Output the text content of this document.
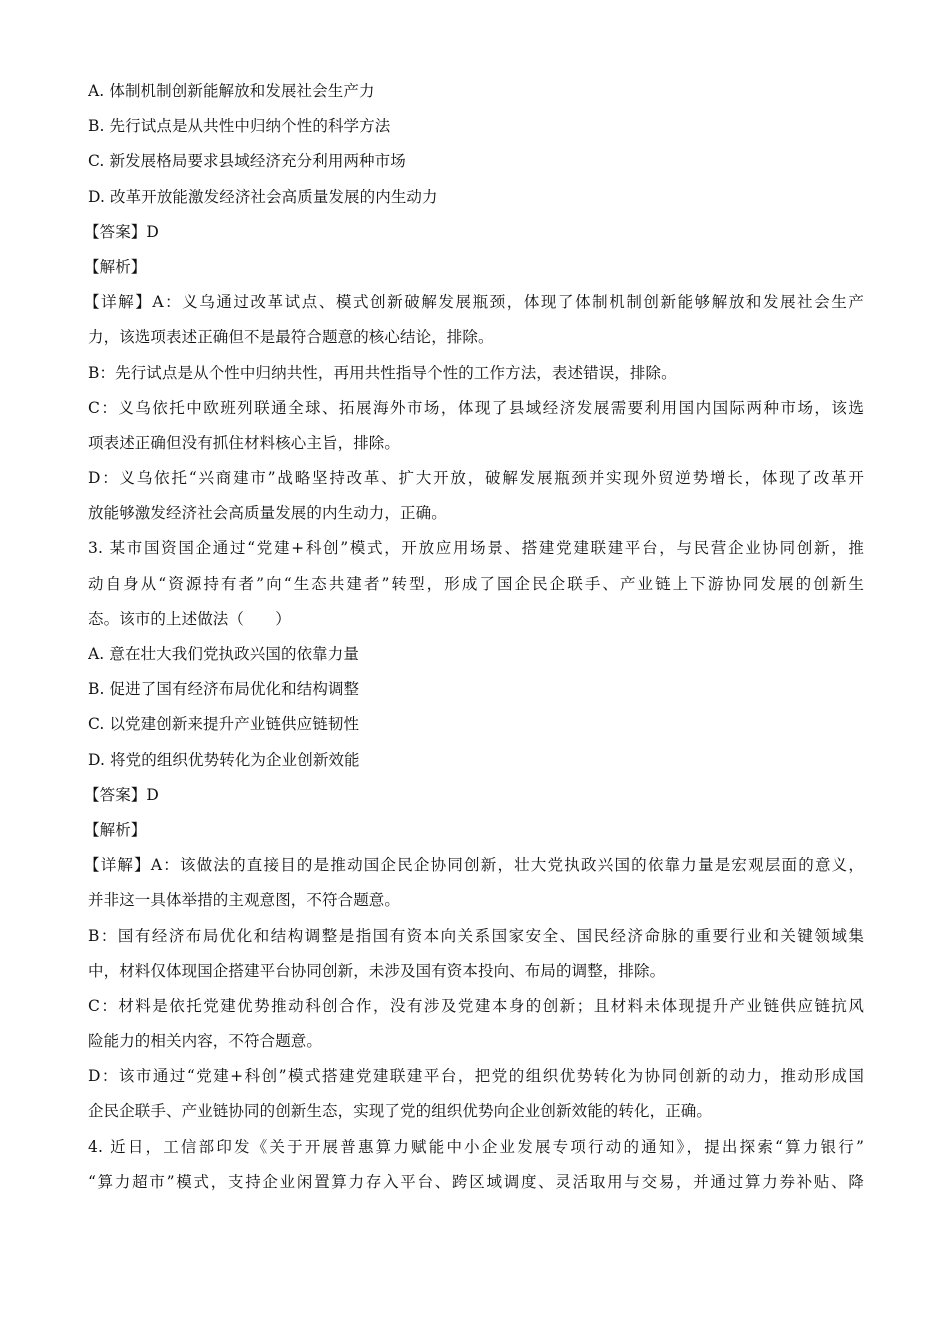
A. 体制机制创新能解放和发展社会生产力
B. 先行试点是从共性中归纳个性的科学方法
C. 新发展格局要求县域经济充分利用两种市场
D. 改革开放能激发经济社会高质量发展的内生动力
【答案】D
【解析】
【详解】A：义乌通过改革试点、模式创新破解发展瓶颈，体现了体制机制创新能够解放和发展社会生产
力，该选项表述正确但不是最符合题意的核心结论，排除。
B：先行试点是从个性中归纳共性，再用共性指导个性的工作方法，表述错误，排除。
C：义乌依托中欧班列联通全球、拓展海外市场，体现了县域经济发展需要利用国内国际两种市场，该选
项表述正确但没有抓住材料核心主旨，排除。
D：义乌依托“兴商建市”战略坚持改革、扩大开放，破解发展瓶颈并实现外贸逆势增长，体现了改革开
放能够激发经济社会高质量发展的内生动力，正确。
3. 某市国资国企通过“党建+科创”模式，开放应用场景、搭建党建联建平台，与民营企业协同创新，推
动自身从“资源持有者”向“生态共建者”转型，形成了国企民企联手、产业链上下游协同发展的创新生
态。该市的上述做法（　　）
A. 意在壮大我们党执政兴国的依靠力量
B. 促进了国有经济布局优化和结构调整
C. 以党建创新来提升产业链供应链韧性
D. 将党的组织优势转化为企业创新效能
【答案】D
【解析】
【详解】A：该做法的直接目的是推动国企民企协同创新，壮大党执政兴国的依靠力量是宏观层面的意义，
并非这一具体举措的主观意图，不符合题意。
B：国有经济布局优化和结构调整是指国有资本向关系国家安全、国民经济命脉的重要行业和关键领域集
中，材料仅体现国企搭建平台协同创新，未涉及国有资本投向、布局的调整，排除。
C：材料是依托党建优势推动科创合作，没有涉及党建本身的创新；且材料未体现提升产业链供应链抗风
险能力的相关内容，不符合题意。
D：该市通过“党建+科创”模式搭建党建联建平台，把党的组织优势转化为协同创新的动力，推动形成国
企民企联手、产业链协同的创新生态，实现了党的组织优势向企业创新效能的转化，正确。
4. 近日，工信部印发《关于开展普惠算力赋能中小企业发展专项行动的通知》，提出探索“算力银行”
“算力超市”模式，支持企业闲置算力存入平台、跨区域调度、灵活取用与交易，并通过算力券补贴、降
